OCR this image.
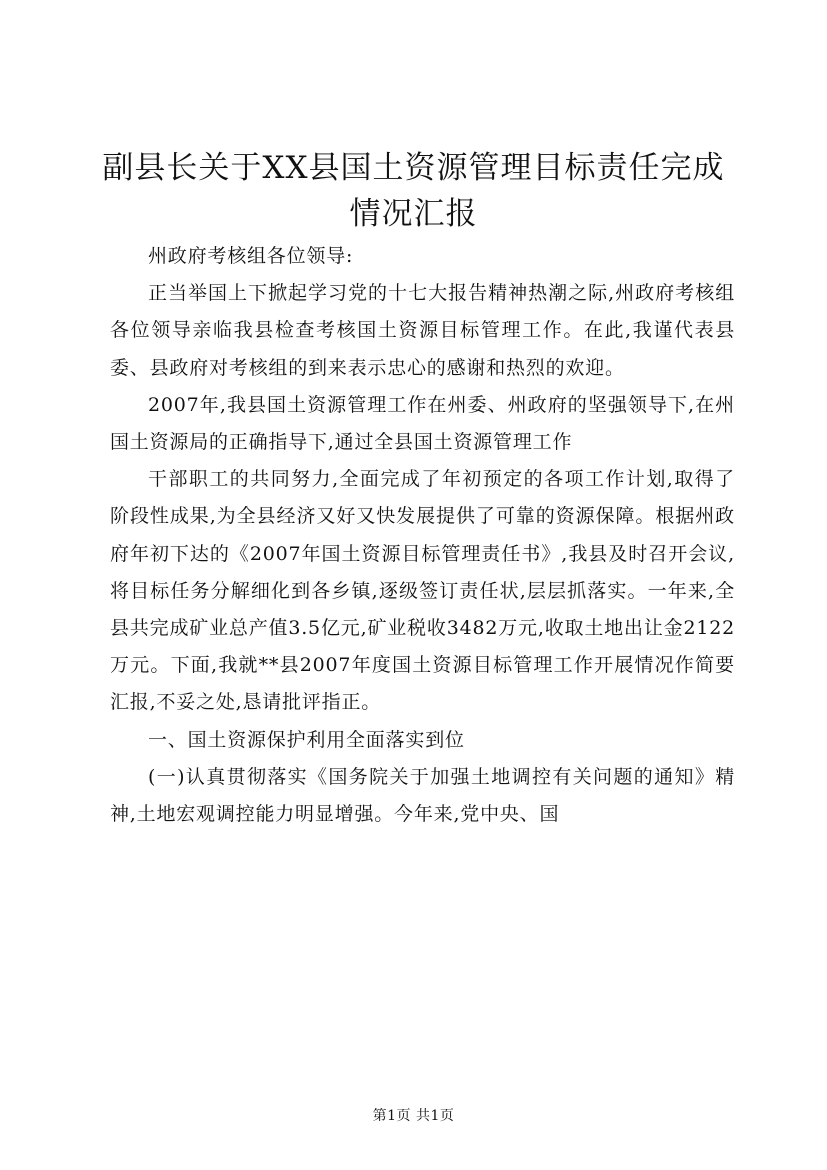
副县长关于XX县国土资源管理目标责任完成
情况汇报

州政府考核组各位领导:

正当举国上下掀起学习党的十七大报告精神热潮之际,州政府考核组各位领导亲临我县检查考核国土资源目标管理工作。在此,我谨代表县委、县政府对考核组的到来表示忠心的感谢和热烈的欢迎。

2007年,我县国土资源管理工作在州委、州政府的坚强领导下,在州国土资源局的正确指导下,通过全县国土资源管理工作

干部职工的共同努力,全面完成了年初预定的各项工作计划,取得了阶段性成果,为全县经济又好又快发展提供了可靠的资源保障。根据州政府年初下达的《2007年国土资源目标管理责任书》,我县及时召开会议,将目标任务分解细化到各乡镇,逐级签订责任状,层层抓落实。一年来,全县共完成矿业总产值3.5亿元,矿业税收3482万元,收取土地出让金2122万元。下面,我就**县2007年度国土资源目标管理工作开展情况作简要汇报,不妥之处,恳请批评指正。

一、国土资源保护利用全面落实到位

(一)认真贯彻落实《国务院关于加强土地调控有关问题的通知》精神,土地宏观调控能力明显增强。今年来,党中央、国

第1页 共1页
